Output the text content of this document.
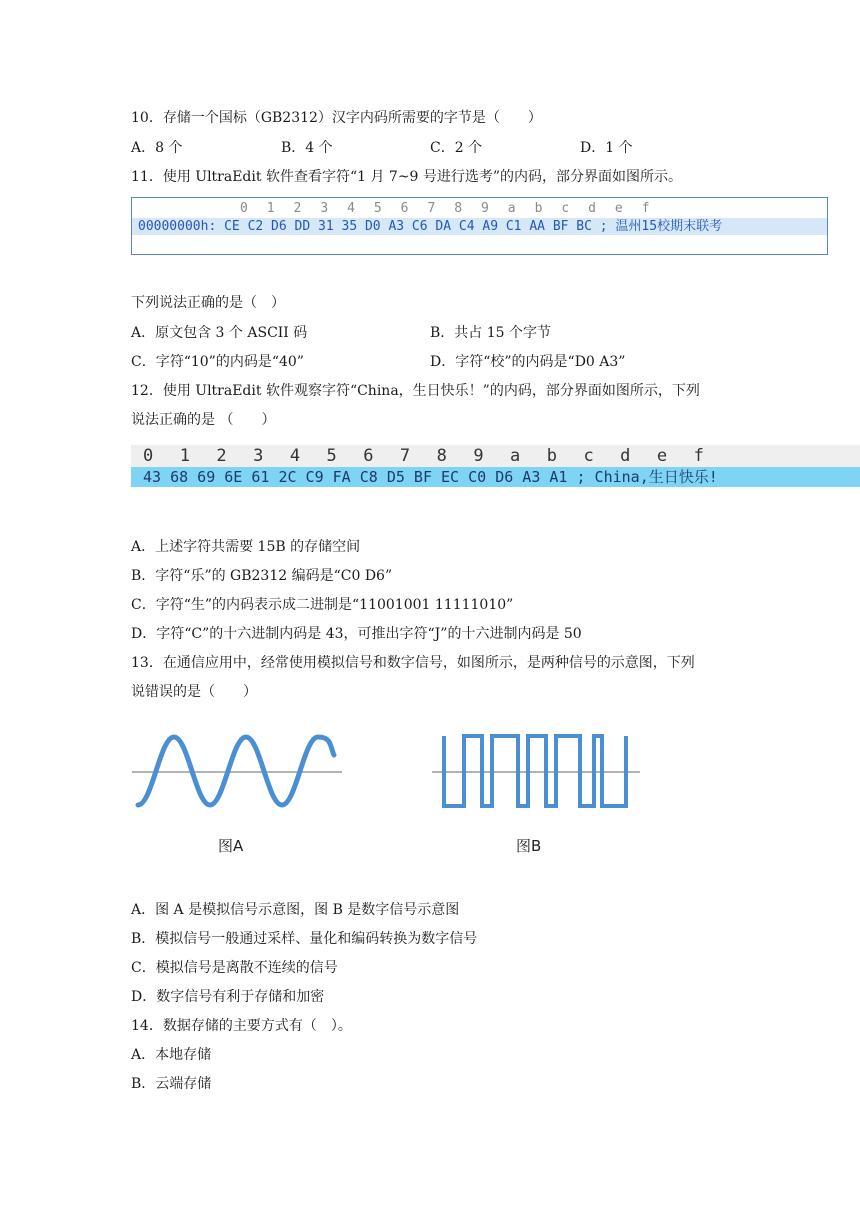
10．存储一个国标（GB2312）汉字内码所需要的字节是（　　）
A．8 个	B．4 个	C．2 个	D．1 个
11．使用 UltraEdit 软件查看字符“1 月 7~9 号进行选考”的内码，部分界面如图所示。
0  1  2  3  4  5  6  7  8  9  a  b  c  d  e  f
00000000h: CE C2 D6 DD 31 35 D0 A3 C6 DA C4 A9 C1 AA BF BC ; 温州15校期末联考
下列说法正确的是（　）
A．原文包含 3 个 ASCII 码	B．共占 15 个字节
C．字符“10”的内码是“40”	D．字符“校”的内码是“D0 A3”
12．使用 UltraEdit 软件观察字符“China，生日快乐！”的内码，部分界面如图所示，下列
说法正确的是 （　　）
0  1  2  3  4  5  6  7  8  9  a  b  c  d  e  f
43 68 69 6E 61 2C C9 FA C8 D5 BF EC C0 D6 A3 A1 ; China,生日快乐!
A．上述字符共需要 15B 的存储空间
B．字符“乐”的 GB2312 编码是“C0 D6”
C．字符“生”的内码表示成二进制是“11001001 11111010”
D．字符“C”的十六进制内码是 43，可推出字符“J”的十六进制内码是 50
13．在通信应用中，经常使用模拟信号和数字信号，如图所示，是两种信号的示意图，下列
说错误的是（　　）
图A	图B
A．图 A 是模拟信号示意图，图 B 是数字信号示意图
B．模拟信号一般通过采样、量化和编码转换为数字信号
C．模拟信号是离散不连续的信号
D．数字信号有利于存储和加密
14．数据存储的主要方式有（　）。
A．本地存储
B．云端存储
